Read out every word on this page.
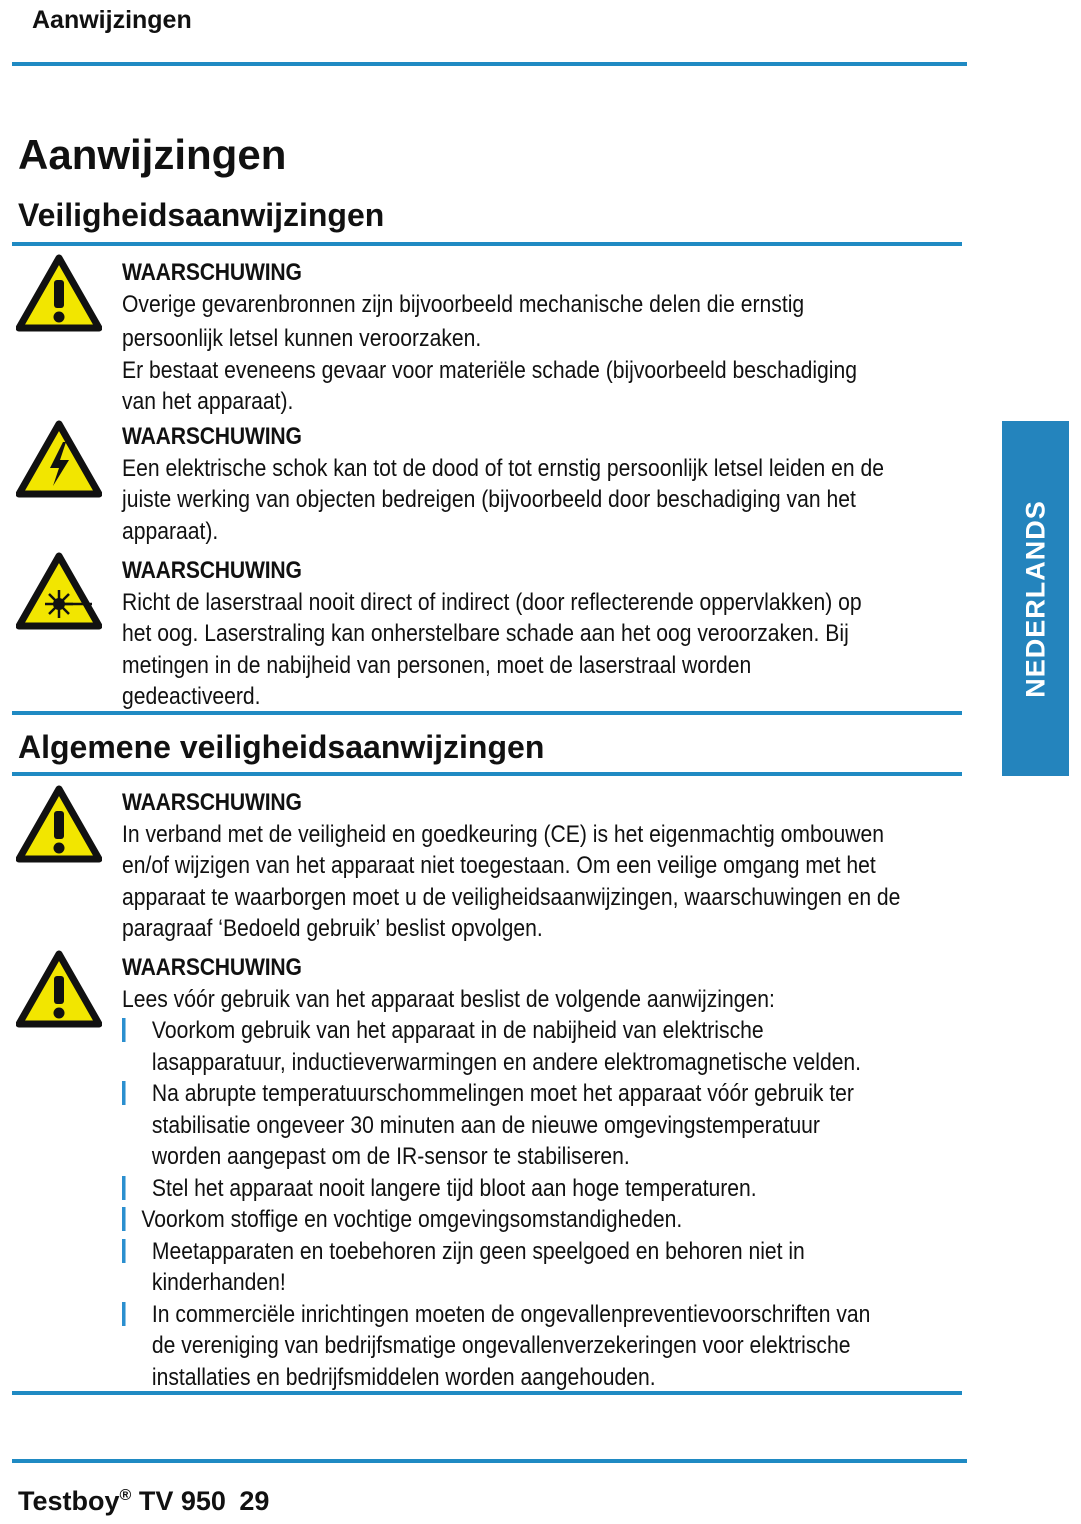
Aanwijzingen
Aanwijzingen
Veiligheidsaanwijzingen
WAARSCHUWING
Overige gevarenbronnen zijn bijvoorbeeld mechanische delen die ernstig
persoonlijk letsel kunnen veroorzaken.
Er bestaat eveneens gevaar voor materiële schade (bijvoorbeeld beschadiging
van het apparaat).
WAARSCHUWING
Een elektrische schok kan tot de dood of tot ernstig persoonlijk letsel leiden en de
juiste werking van objecten bedreigen (bijvoorbeeld door beschadiging van het
apparaat).
WAARSCHUWING
Richt de laserstraal nooit direct of indirect (door reflecterende oppervlakken) op
het oog. Laserstraling kan onherstelbare schade aan het oog veroorzaken. Bij
metingen in de nabijheid van personen, moet de laserstraal worden
gedeactiveerd.
Algemene veiligheidsaanwijzingen
WAARSCHUWING
In verband met de veiligheid en goedkeuring (CE) is het eigenmachtig ombouwen
en/of wijzigen van het apparaat niet toegestaan. Om een veilige omgang met het
apparaat te waarborgen moet u de veiligheidsaanwijzingen, waarschuwingen en de
paragraaf ‘Bedoeld gebruik’ beslist opvolgen.
WAARSCHUWING
Lees vóór gebruik van het apparaat beslist de volgende aanwijzingen:
Voorkom gebruik van het apparaat in de nabijheid van elektrische
lasapparatuur, inductieverwarmingen en andere elektromagnetische velden.
Na abrupte temperatuurschommelingen moet het apparaat vóór gebruik ter
stabilisatie ongeveer 30 minuten aan de nieuwe omgevingstemperatuur
worden aangepast om de IR-sensor te stabiliseren.
Stel het apparaat nooit langere tijd bloot aan hoge temperaturen.
Voorkom stoffige en vochtige omgevingsomstandigheden.
Meetapparaten en toebehoren zijn geen speelgoed en behoren niet in
kinderhanden!
In commerciële inrichtingen moeten de ongevallenpreventievoorschriften van
de vereniging van bedrijfsmatige ongevallenverzekeringen voor elektrische
installaties en bedrijfsmiddelen worden aangehouden.
NEDERLANDS
Testboy® TV 950 29
